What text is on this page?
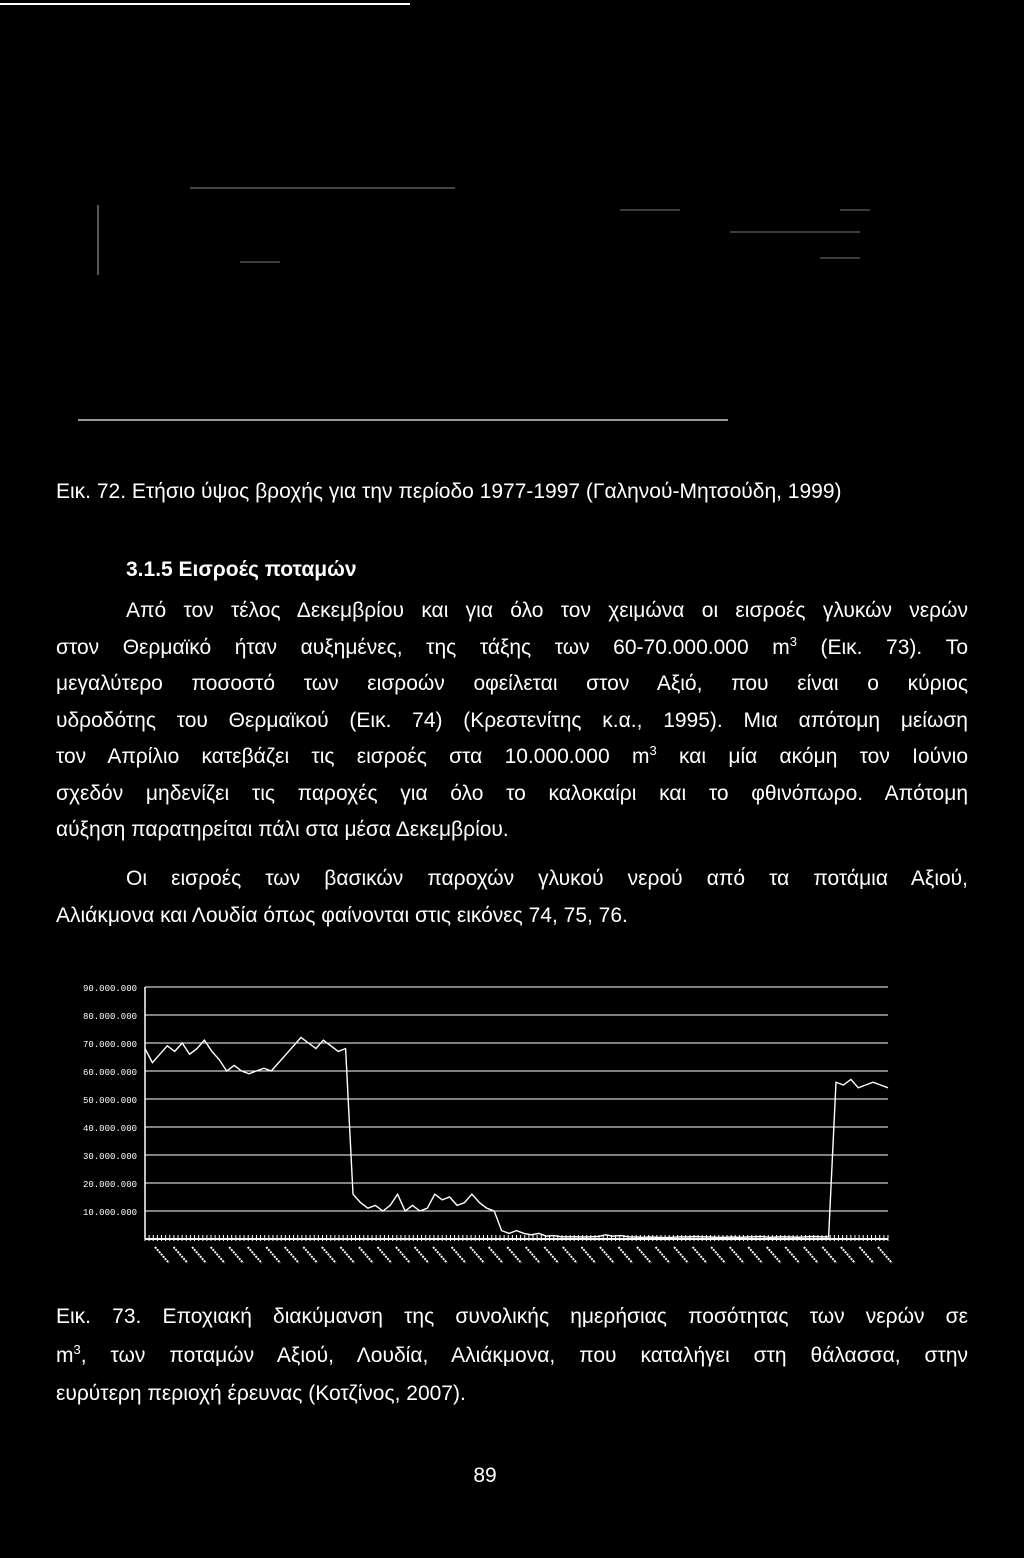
Εικ. 72. Ετήσιο ύψος βροχής για την περίοδο 1977-1997 (Γαληνού-Μητσούδη, 1999)
3.1.5 Εισροές ποταμών
Από τον τέλος Δεκεμβρίου και για όλο τον χειμώνα οι εισροές γλυκών νερών
στον Θερμαϊκό ήταν αυξημένες, της τάξης των 60-70.000.000 $m^3$ (Εικ. 73). Το
μεγαλύτερο ποσοστό των εισροών οφείλεται στον Αξιό, που είναι ο κύριος
υδροδότης του Θερμαϊκού (Εικ. 74) (Κρεστενίτης κ.α., 1995). Μια απότομη μείωση
τον Απρίλιο κατεβάζει τις εισροές στα 10.000.000 $m^3$ και μία ακόμη τον Ιούνιο
σχεδόν μηδενίζει τις παροχές για όλο το καλοκαίρι και το φθινόπωρο. Απότομη
αύξηση παρατηρείται πάλι στα μέσα Δεκεμβρίου.
Οι εισροές των βασικών παροχών γλυκού νερού από τα ποτάμια Αξιού,
Αλιάκμονα και Λουδία όπως φαίνονται στις εικόνες 74, 75, 76.
90.000.000
80.000.000
70.000.000
60.000.000
50.000.000
40.000.000
30.000.000
20.000.000
10.000.000
Εικ. 73. Εποχιακή διακύμανση της συνολικής ημερήσιας ποσότητας των νερών σε
$m^3$, των ποταμών Αξιού, Λουδία, Αλιάκμονα, που καταλήγει στη θάλασσα, στην
ευρύτερη περιοχή έρευνας (Κοτζίνος, 2007).
89
